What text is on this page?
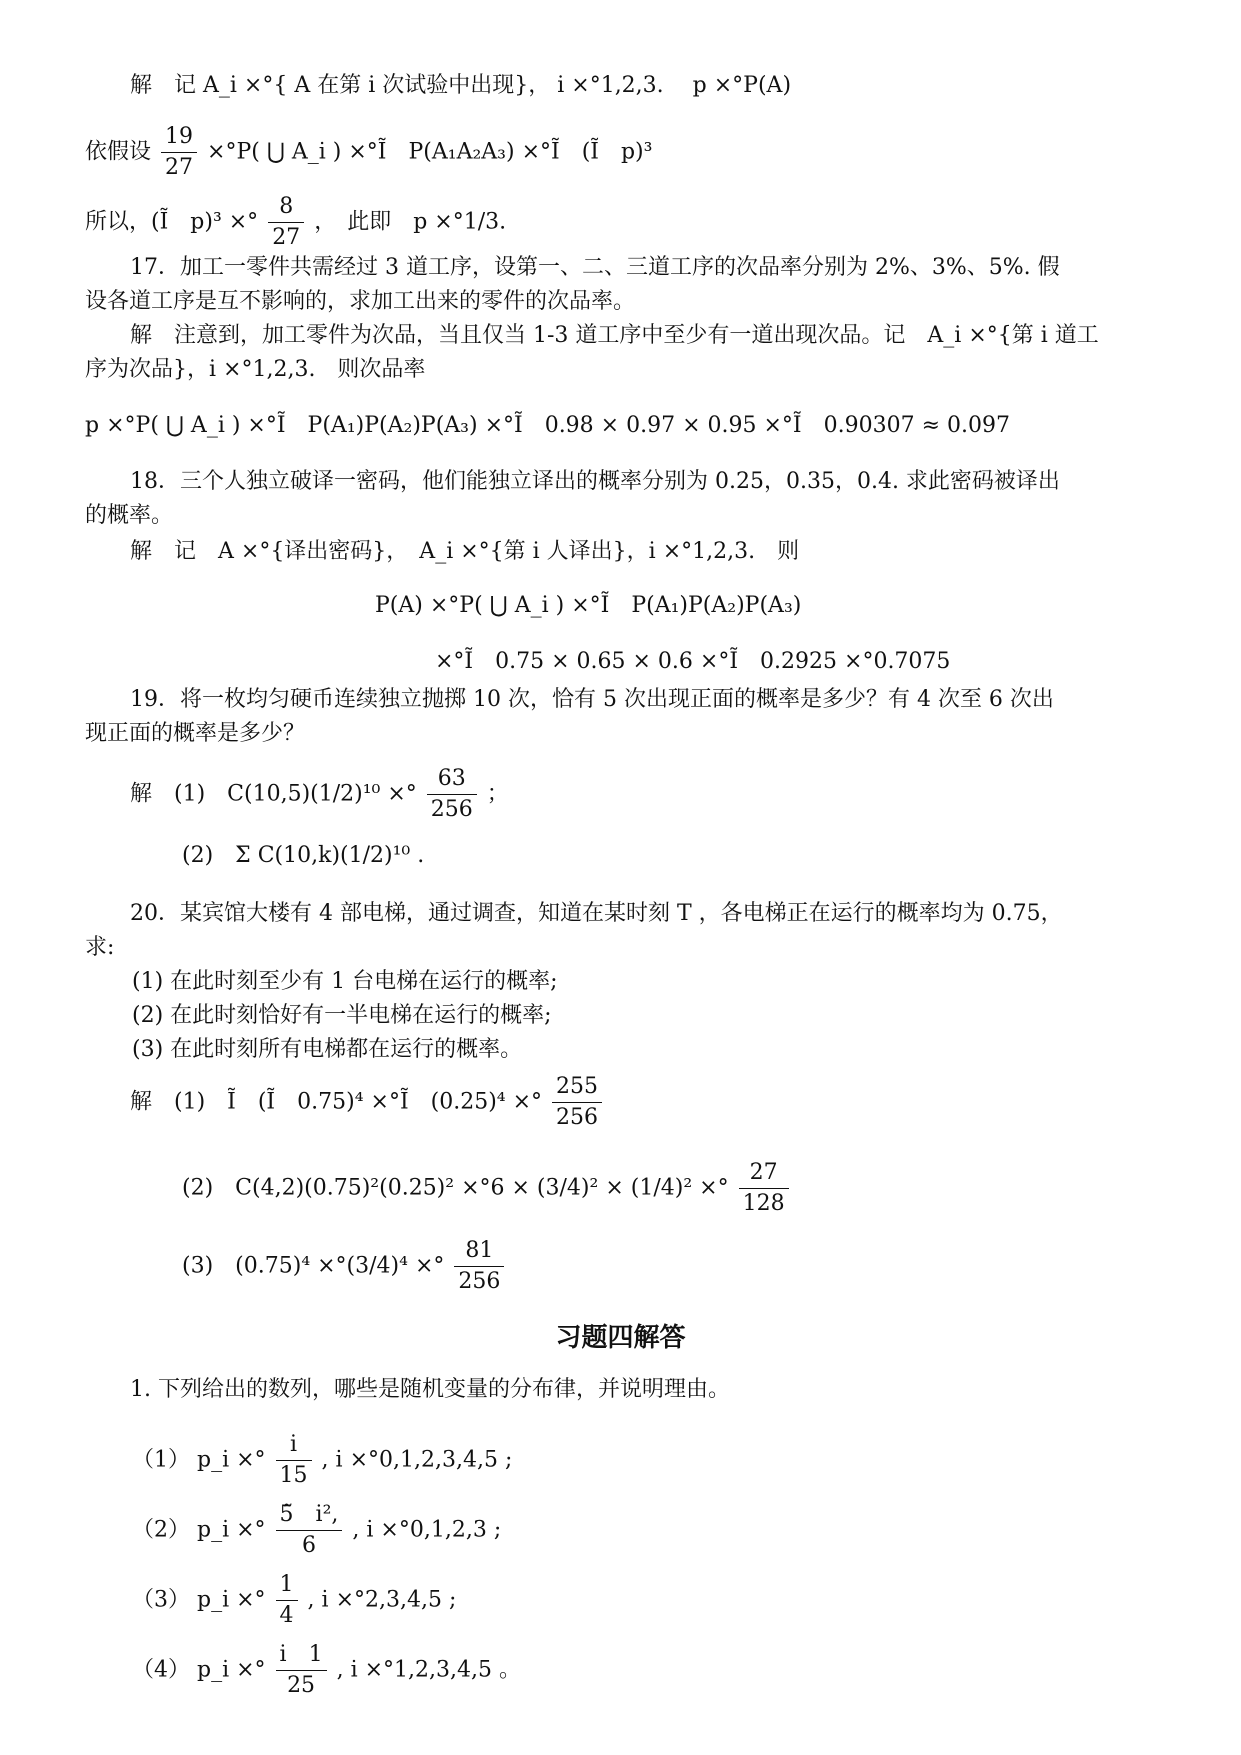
解　记 A_i ×°{ A 在第 i 次试验中出现}， i ×°1,2,3.　 p ×°P(A)
依假设 $\frac{19}{27} \times^\circ P$( ⋃ A_i ) ×°Ĩ　P(A₁A₂A₃) ×°Ĩ　(Ĩ　p)³
所以，(Ĩ　p)³ ×° $\frac{8}{27}$ ，　此即　p ×°1/3.
17．加工一零件共需经过 3 道工序，设第一、二、三道工序的次品率分别为 2%、3%、5%. 假
设各道工序是互不影响的，求加工出来的零件的次品率。
解　注意到，加工零件为次品，当且仅当 1-3 道工序中至少有一道出现次品。记　A_i ×°{第 i 道工
序为次品}，i ×°1,2,3.　则次品率
p ×°P( ⋃ A_i ) ×°Ĩ　P(A₁)P(A₂)P(A₃) ×°Ĩ　0.98 × 0.97 × 0.95 ×°Ĩ　0.90307 ≈ 0.097
18．三个人独立破译一密码，他们能独立译出的概率分别为 0.25，0.35，0.4. 求此密码被译出
的概率。
解　记　A ×°{译出密码}，　A_i ×°{第 i 人译出}，i ×°1,2,3.　则
P(A) ×°P( ⋃ A_i ) ×°Ĩ　P(A₁)P(A₂)P(A₃)
×°Ĩ　0.75 × 0.65 × 0.6 ×°Ĩ　0.2925 ×°0.7075
19．将一枚均匀硬币连续独立抛掷 10 次，恰有 5 次出现正面的概率是多少？有 4 次至 6 次出
现正面的概率是多少？
解　(1)　C(10,5)(1/2)¹⁰ ×° $\frac{63}{256}$ ；
(2)　Σ C(10,k)(1/2)¹⁰ .
20．某宾馆大楼有 4 部电梯，通过调查，知道在某时刻 T ，各电梯正在运行的概率均为 0.75，
求:
(1) 在此时刻至少有 1 台电梯在运行的概率;
(2) 在此时刻恰好有一半电梯在运行的概率;
(3) 在此时刻所有电梯都在运行的概率。
解　(1)　Ĩ　(Ĩ　0.75)⁴ ×°Ĩ　(0.25)⁴ ×° $\frac{255}{256}$
(2)　C(4,2)(0.75)²(0.25)² ×°6 × (3/4)² × (1/4)² ×° $\frac{27}{128}$
(3)　(0.75)⁴ ×°(3/4)⁴ ×° $\frac{81}{256}$
习题四解答
1. 下列给出的数列，哪些是随机变量的分布律，并说明理由。
（1） p_i ×° $\frac{i}{15}$ , i ×°0,1,2,3,4,5 ;
（2） p_i ×° $\frac{\text{5̃　i²,}}{6}$ , i ×°0,1,2,3 ;
（3） p_i ×° $\frac{1}{4}$ , i ×°2,3,4,5 ;
（4） p_i ×° $\frac{i 1}{25}$ , i ×°1,2,3,4,5 。
